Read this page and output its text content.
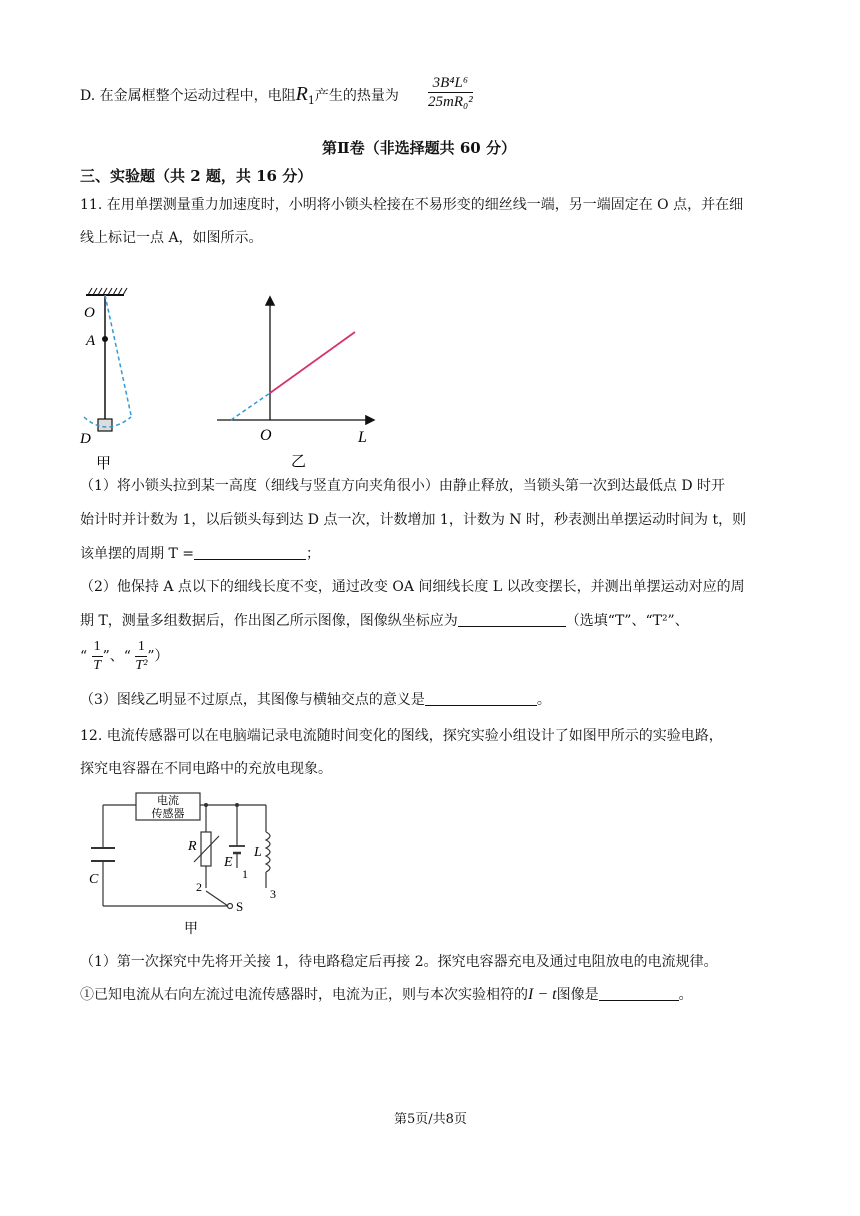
D. 在金属框整个运动过程中，电阻$R_1$产生的热量为 $\frac{\text{3B⁴L⁶}}{\text{25mR₀²}}$
第Ⅱ卷（非选择题共 60 分）
三、实验题（共 2 题，共 16 分）
11. 在用单摆测量重力加速度时，小明将小锁头栓接在不易形变的细丝线一端，另一端固定在 O 点，并在细
线上标记一点 A，如图所示。
O
A
D
甲
O	L
乙
（1）将小锁头拉到某一高度（细线与竖直方向夹角很小）由静止释放，当锁头第一次到达最低点 D 时开
始计时并计数为 1，以后锁头每到达 D 点一次，计数增加 1，计数为 N 时，秒表测出单摆运动时间为 t，则
该单摆的周期 T =	；
（2）他保持 A 点以下的细线长度不变，通过改变 OA 间细线长度 L 以改变摆长，并测出单摆运动对应的周
期 T，测量多组数据后，作出图乙所示图像，图像纵坐标应为	（选填“T”、“T²”、
“ $\frac{1}{T}$ ”、“ $\frac{1}{\text{T²}}$ ”）
（3）图线乙明显不过原点，其图像与横轴交点的意义是	。
12. 电流传感器可以在电脑端记录电流随时间变化的图线，探究实验小组设计了如图甲所示的实验电路，
探究电容器在不同电路中的充放电现象。
电流
传感器
C
R
E
L
1
2	3
S
甲
（1）第一次探究中先将开关接 1，待电路稳定后再接 2。探究电容器充电及通过电阻放电的电流规律。
①已知电流从右向左流过电流传感器时，电流为正，则与本次实验相符的I − t图像是	。
第5页/共8页
